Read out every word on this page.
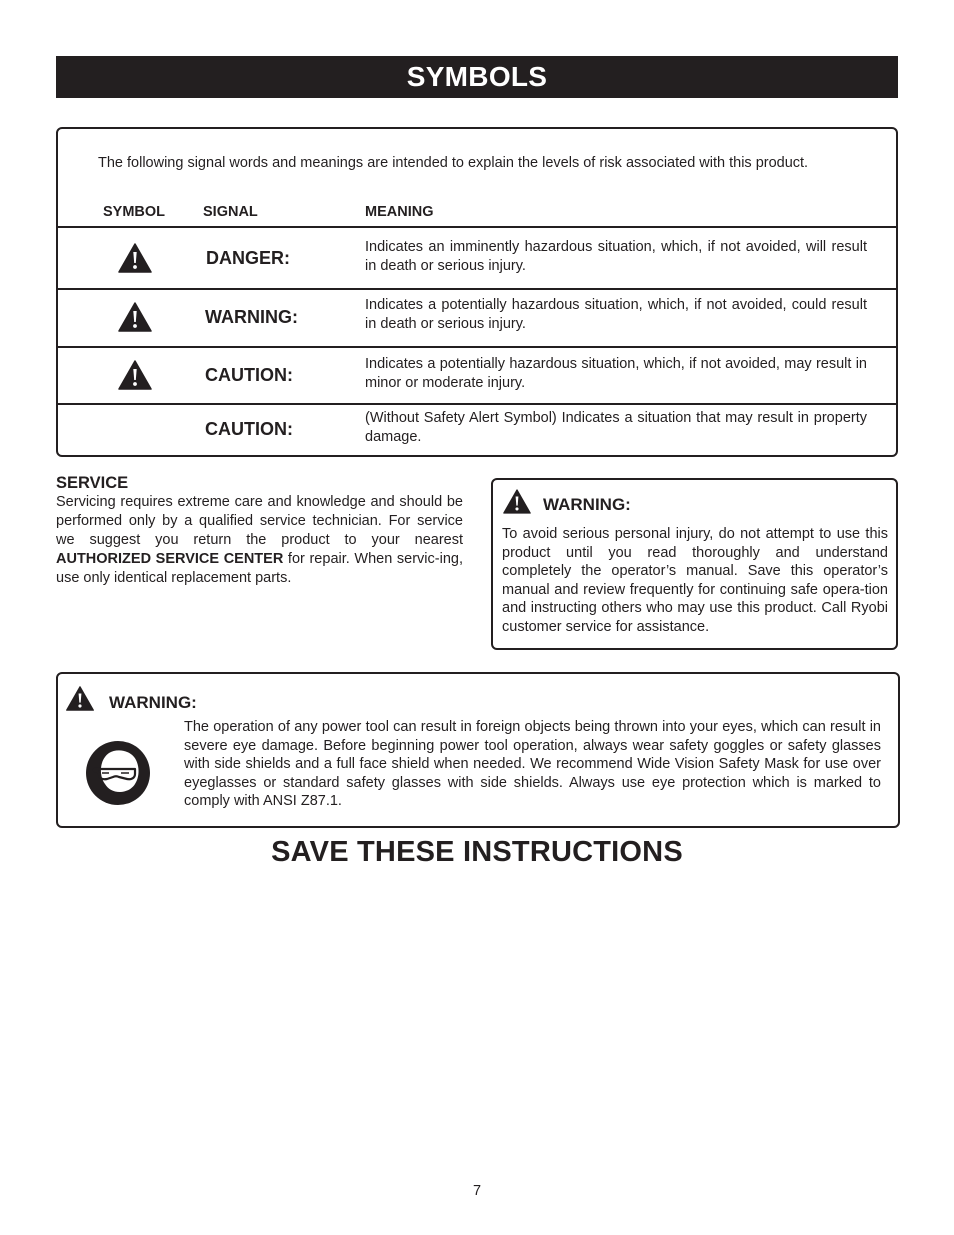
SYMBOLS
The following signal words and meanings are intended to explain the levels of risk associated with this product.
SYMBOL	SIGNAL	MEANING
DANGER:
Indicates an imminently hazardous situation, which, if not avoided, will result in death or serious injury.
WARNING:
Indicates a potentially hazardous situation, which, if not avoided, could result in death or serious injury.
CAUTION:
Indicates a potentially hazardous situation, which, if not avoided, may result in minor or moderate injury.
CAUTION:
(Without Safety Alert Symbol) Indicates a situation that may result in property damage.
SERVICE
Servicing requires extreme care and knowledge and should be performed only by a qualified service technician. For service we suggest you return the product to your nearest AUTHORIZED SERVICE CENTER for repair. When servic-ing, use only identical replacement parts.
WARNING:
To avoid serious personal injury, do not attempt to use this product until you read thoroughly and understand completely the operator’s manual. Save this operator’s manual and review frequently for continuing safe opera-tion and instructing others who may use this product. Call Ryobi customer service for assistance.
WARNING:
The operation of any power tool can result in foreign objects being thrown into your eyes, which can result in severe eye damage. Before beginning power tool operation, always wear safety goggles or safety glasses with side shields and a full face shield when needed. We recommend Wide Vision Safety Mask for use over eyeglasses or standard safety glasses with side shields. Always use eye protection which is marked to comply with ANSI Z87.1.
SAVE THESE INSTRUCTIONS
7
